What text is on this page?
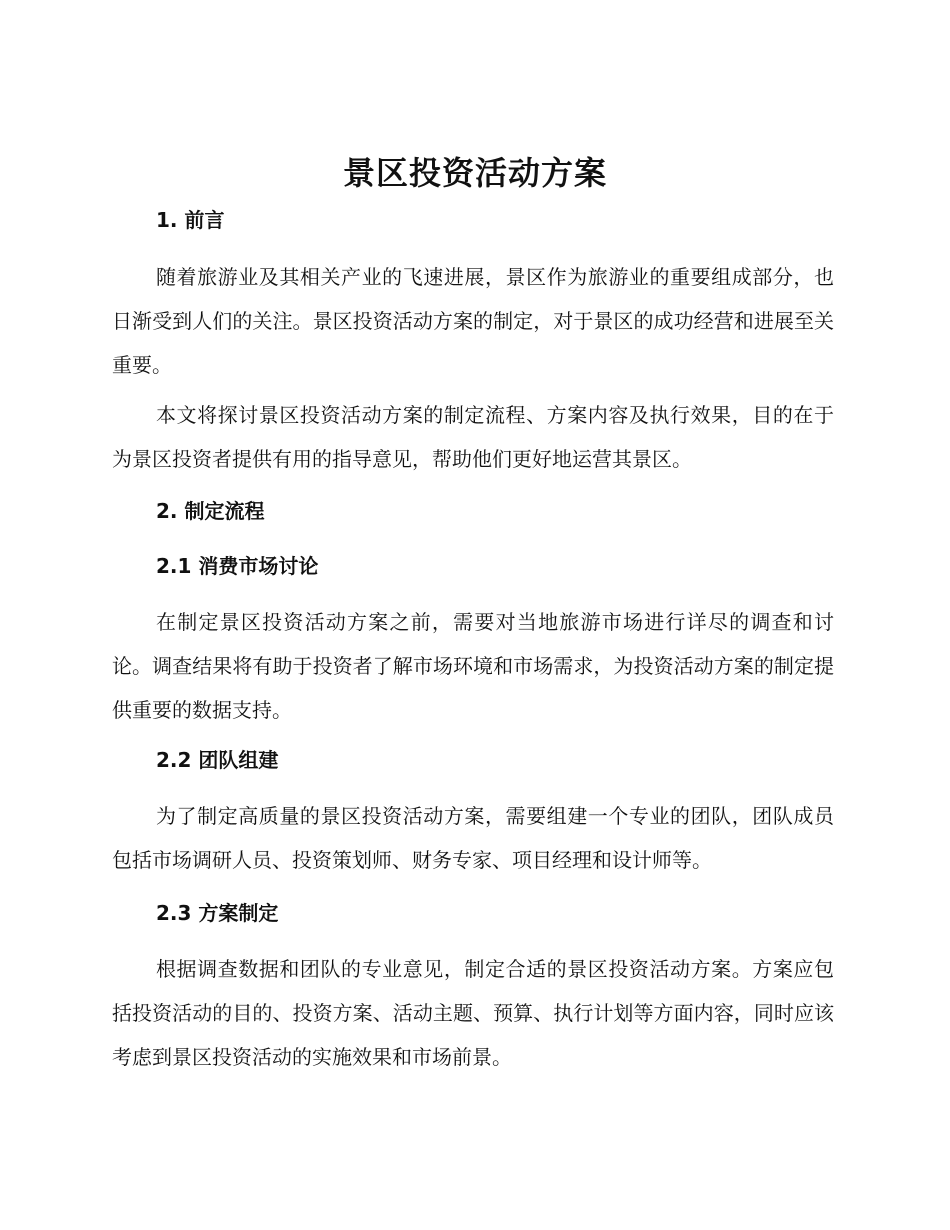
景区投资活动方案
1. 前言

随着旅游业及其相关产业的飞速进展，景区作为旅游业的重要组成部分，也日渐受到人们的关注。景区投资活动方案的制定，对于景区的成功经营和进展至关重要。

本文将探讨景区投资活动方案的制定流程、方案内容及执行效果，目的在于为景区投资者提供有用的指导意见，帮助他们更好地运营其景区。

2. 制定流程
2.1 消费市场讨论

在制定景区投资活动方案之前，需要对当地旅游市场进行详尽的调查和讨论。调查结果将有助于投资者了解市场环境和市场需求，为投资活动方案的制定提供重要的数据支持。

2.2 团队组建

为了制定高质量的景区投资活动方案，需要组建一个专业的团队，团队成员包括市场调研人员、投资策划师、财务专家、项目经理和设计师等。

2.3 方案制定

根据调查数据和团队的专业意见，制定合适的景区投资活动方案。方案应包括投资活动的目的、投资方案、活动主题、预算、执行计划等方面内容，同时应该考虑到景区投资活动的实施效果和市场前景。
